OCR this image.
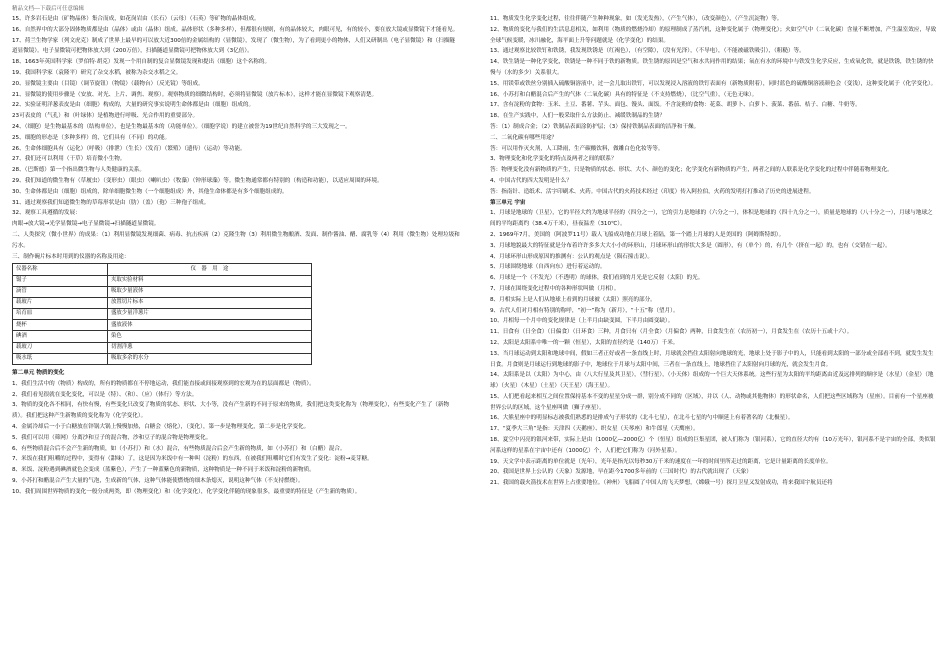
精品文档---下载后可任意编辑

15、许多岩石是由（矿物晶体）集合而成，如花岗岩由（长石）（云母）（石英）等矿物的晶体组成。

16、自然界中的大部分固体物质都是由（晶体）或由（晶体）组成。晶体形状（多种多样），但都很有规则，有的晶体较大，肉眼可见，有的较小，要在放大镜或显微镜下才能看见。

17、荷兰生物学家（列文虎克）制成了世界上最早的可以放大近300倍的金属结构的（显微镜），发现了（微生物），为了看到更小的物体，人们又研制出（电子显微镜）和（扫描隧道显微镜）。电子显微镜可把物体放大到（200万倍），扫描隧道显微镜可把物体放大到（3亿倍）。

18、1663年英国科学家（罗伯特·胡克）发现一个用自制的复合显微镜发现和提出（细胞）这个名称的。

19、我国科学家（袁隆平）研究了杂交水稻，被称为杂交水稻之父。

20、显微镜主要由（目镜）（调节旋钮）（物镜）（载物台）（反光镜）等组成。

21、显微镜的使用步骤是（安放、对光、上片、调焦、观察）。观察物质的细微结构时，必须将显微镜（放片标本），这样才能在显微镜下观察清楚。

22、实验证明洋葱表皮是由（细胞）构成的，大量的研究事实说明生命体都是由（细胞）组成的。

23可表皮的（气孔）和（叶绿体）是植物进行呼吸、光合作用的重要部分。

24、（细胞）是生物最基本的（结构单位），也是生物最基本的（功能单位）。（细胞学说）的建立被誉为19世纪自然科学的三大发现之一。

25、细胞的形态是（多种多样）的，它们具有（不同）的功能。

26、生命体细胞具有（运化）（呼吸）（排泄）（生长）（发育）（繁殖）（遗传）（运动）等功能。

27、我们还可以利用（干草）培育微小生物。

28、（巴斯德）第一个指出微生物与人类健康的关系。

29、我们知道的微生物有（草履虫）（变形虫）（眼虫）（喇叭虫）（牧藻）（钟形球藻）等。微生物通常都有特别的（构造和功能），以适应周围的环境。

30、生命体都是由（细胞）组成的，除单细胞微生物（一个细胞组成）外，其他生命体都是有多个细胞组成的。

31、通过观察我们知道微生物的草莓形状是由（肋）（盖）（孢）三种孢子组成。

32、观察工具遵循的发展：

肉眼→放大镜→光学显微镜→电子显微镜→扫描隧道显微镜。

二、人类探究（微小世界）的成果：（1）利用显微镜发现细菌、病毒、抗击疾病（2）克隆生物（3）利用微生物酿酒、发面、制作酱油、醋、腐乳等（4）利用（微生物）处理垃圾和污水。

三、制作碗片标本时用到的仪器的名称及用途：

仪器名称	仪　器　用　途
镊子	夹取实验材料
滴管	吸取少量液体
载玻片	放置切片标本
培育皿	盛放少量洋葱片
烧杯	盛放液体
碘酒	染色
载玻刀	切割洋葱
吸水纸	吸取多余的水分

第二单元 物质的变化

1、我们生活中的（物质）构成的，所有的物质都在不停地运动，我们能直接或间接观察到的宏观为在的层面都是（物质）。

2、我们看见很就在变化变化，可以是（特）、（和）、（应）（体行）等方法。

3、物质的变化各不相同，有快有慢，有些变化只改变了物质的状态、形状、大小等，没有产生新的不同于原来的物质，我们把这类变化称为（物理变化），有些变化产生了（新物质）。我们把这种产生新物质的变化称为（化学变化）。

4、金属冷却后一小于白糖放在锌锅大锅上慢慢加热，白糖会（熔化），（变化），第一步是物理变化，第二步是化学变化。

5、我们可以用（筛网）分离沙和豆子的混合物，沙和豆子的混合物是物理变化。

6、有些物质混合后不会产生新的物质，如（小苏打）和（水）混合，有些物质混合后会产生新的物质，如（小苏打）和（白醋）混合。

7、米饭在我们咀嚼的过程中，变得有（甜味）了，这是因为米饭中有一种叫（淀粉）的东西，在被我们咀嚼时它们有发生了变化：淀粉→麦芽糖。

8、米饭、淀粉遇到碘酒就色会变成（蓝紫色），产生了一种蓝紫色的新物质，这种物质是一种不同于米饭和淀粉的新物质。

9、小苏打和醋混合产生大量的气泡，生成新的气体，这种气体能使燃烧的细木条熄灭，说明这种气体（不支持燃烧）。

10、我们周围世界物质的变化一般分成两类，即（物理变化）和（化学变化），化学变化伴随的现象很多，最重要的特征是（产生新的物质）。

11、物质发生化学变化过程，往往伴随产生种种现象，如（发光发热），（产生气体），（改变颜色），（产生沉淀物）等。

12、物质的变化与我们的生活息息相关，如利用（物质的燃烧冷却）的原理制成了蒸汽机，这种变化属于（物理变化）；火如空气中（二氧化碳）含量不断增加，产生温室效应，导致全球气候变暖，冰川融化，海平面上升等问题就是（化学变化）的结果。

13、通过观察比较铁钉和铁锈，我发现铁锈是（红褐色），（有空隙），（没有光泽），（不导电），（不能被磁铁吸引），（粗糙）等。

14、铁生锈是一种化学变化，铁锈是一种不同于铁的新物质。铁生锈的原因是空气和水共同作用的结果；氧在有水的环境中与铁发生化学反应，生成氧化铁，就是铁锈，铁生锈的快慢与（水的多少）关系很大。

15、用镁带或铁丝分别插入硫酸铜溶液中，过一会儿取出铁钉，可以发现浸入溶液的铁钉表面有（新物质附着），同时蓝色的硫酸铜溶液颜色会（变浅），这种变化属于（化学变化）。

16、小苏打和白醋混合后产生的气体（二氧化碳）具有的特征是（不支持燃烧），（比空气重），（无色无味）。

17、含有淀粉的食物：玉米、土豆、番薯、芋头、面包、馒头、面饭。不含淀粉的食物：花菜、胡萝卜、白萝卜、菠菜、番茄、桔子、白糖、牛奶等。

18、在生产实践中，人们一般采取什么方法防止、减缓铁制品的生锈？

答：（1）制成合金；（2）铁制品表面涂防护层；（3）保持铁制品表面的洁净和干燥。

二、二氧化碳有哪些用途？

答：可以用作灭火剂，人工降雨，生产碳酸饮料，做雕白色化妆等等。

3、物理变化和化学变化的特点及两者之间的联系？

答：物理变化没有新物质的产生，只是物质的状态、形状、大小、颜色的变化；化学变化有新物质的产生，两者之间的人联系是化学变化的过程中伴随着物理变化。

4、中国古代的四大发明是什么？

答：指南针、造纸术、活字印刷术、火药。中国古代的火药技术经过（印度）传入阿拉伯，火药的发明打打推动了历史的进展进程。

第三单元 宇宙

1、月球是地球的（卫星），它的半径大约为地球半径的（四分之一），它的引力是地球的（六分之一），体积是地球的（四十九分之一），质量是地球的（八十分之一），月球与地球之间的平均距离约（38.4万千米），昼夜温差（310℃）。

2、1969年7月，美国的（阿波罗11号）载人飞船成功地在月球上着陆，第一个踏上月球的人是美国的（阿姆斯特朗）。

3、月球地貌最大的特征就是分布着许许多多大大小小的环形山，月球环形山的形状大多是（圆形），有（单个）的，有几个（挤在一起）的，也有（交错在一起）。

4、月球环形山形成原因的推测有：公认的观点是（陨石撞击说）。

5、月球围绕地球（自西向东）进行着运动的。

6、月球是一个（不发光）（不透明）的球体，我们看到的月光是它反射（太阳）的光。

7、月球在围绕变化过程中的各种形状叫做（月相）。

8、月相实际上是人们从地球上看到的月球被（太阳）照亮的部分。

9、古代人们对月相有特别的称呼，“初一”称为（新月），“十五”称（望月）。

10、月相每一个月中的变化规律是（上半月由缺变圆，下半月由圆变缺）。

11、日食有（日全食）（日偏食）（日环食）三种，月食只有（月全食）（月偏食）两种，日食发生在（农历初一），月食发生在（农历十五或十六）。

12、太阳是太阳系中唯一的一颗（恒星），太阳的直径约是（140万）千米。

13、当月球运动到太阳和地球中间，假如三者正好或者一条直线上时，月球就会挡住太阳射向地球的光，地球上处于影子中的人，只能看到太阳的一部分或全部看不到，就发生发生日食。月食则是月球运行到地球的影子中，地球位于月球与太阳中间，三者在一条直线上，地球挡住了太阳射向月球的光，就会发生月食。

14、太阳系是以（太阳）为中心，由（八大行星及其卫星），（彗行星），（小天体）组成的一个巨大天体系统。这些行星为太阳的平均距离由近及远排列的顺序是（水星）（金星）（地球）（火星）（木星）（土星）（天王星）（海王星）。

15、人们把看起来相互之间位置保持基本不变的星星分成一群，别分成不同的（区域），并以（人、动物或其他物体）的形状命名，人们把这些区域称为（星座）。目前有一个星座被世界公认的区域，这个星座叫做（狮子座星）。

16、大熊星座中的明显标志被我们熟悉的是排成勺子形状的（北斗七星），在北斗七星的勺中顺延上有着著名的（北极星）。

17、“夏季大三角”是指：天津四（天鹅座）、织女星（天琴座）和牛郎星（天鹰座）。

18、夏空中闪亮的银河来带，实际上是由（1000亿—2000亿）个（恒星）组成的巨集星团，被人们称为（银河系），它的直径大约有（10万光年），银河系不是宇宙的全部，类似银河系这样的星系在宇宙中还有（1000亿）个，人们把它们称为（河外星系）。

19、天文学中表示距离的单位就是（光年），光年是指光以每秒30万千米的速度在一年的时间里所走过的距离，它是计量距离的长度单位。

20、我国是世界上公认的（天象）发源地，早在距今1700多年前的（三国时代）的古代就出现了（天象）

21、我国的载火箭技术在世界上占重要地位。（神州）飞船圆了中国人的飞天梦想，（嫦娥一号）探月卫星又发射成功，将来我国宇航员还将
